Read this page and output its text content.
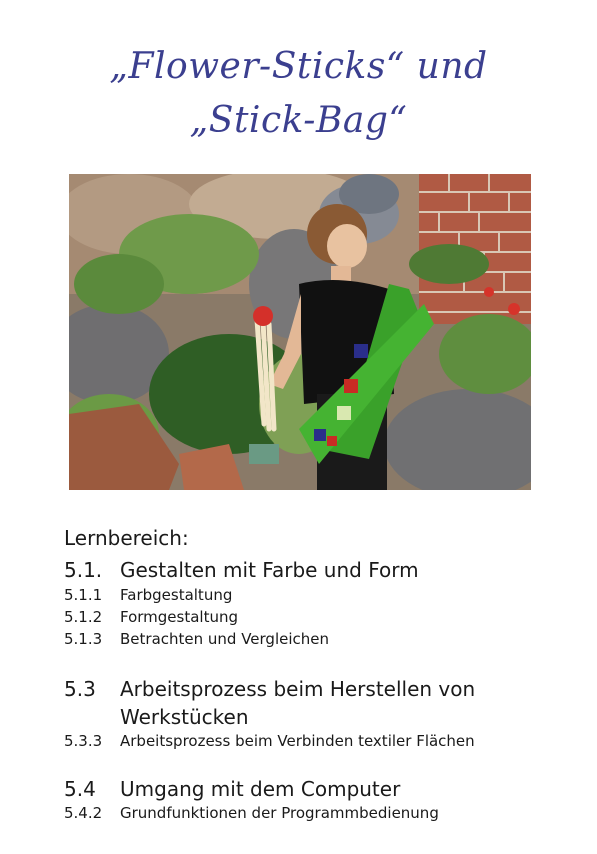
„Flower-Sticks“ und
„Stick-Bag“
Lernbereich:
5.1. Gestalten mit Farbe und Form
5.1.1 Farbgestaltung
5.1.2 Formgestaltung
5.1.3 Betrachten und Vergleichen
5.3 Arbeitsprozess beim Herstellen von
Werkstücken
5.3.3 Arbeitsprozess beim Verbinden textiler Flächen
5.4 Umgang mit dem Computer
5.4.2 Grundfunktionen der Programmbedienung
